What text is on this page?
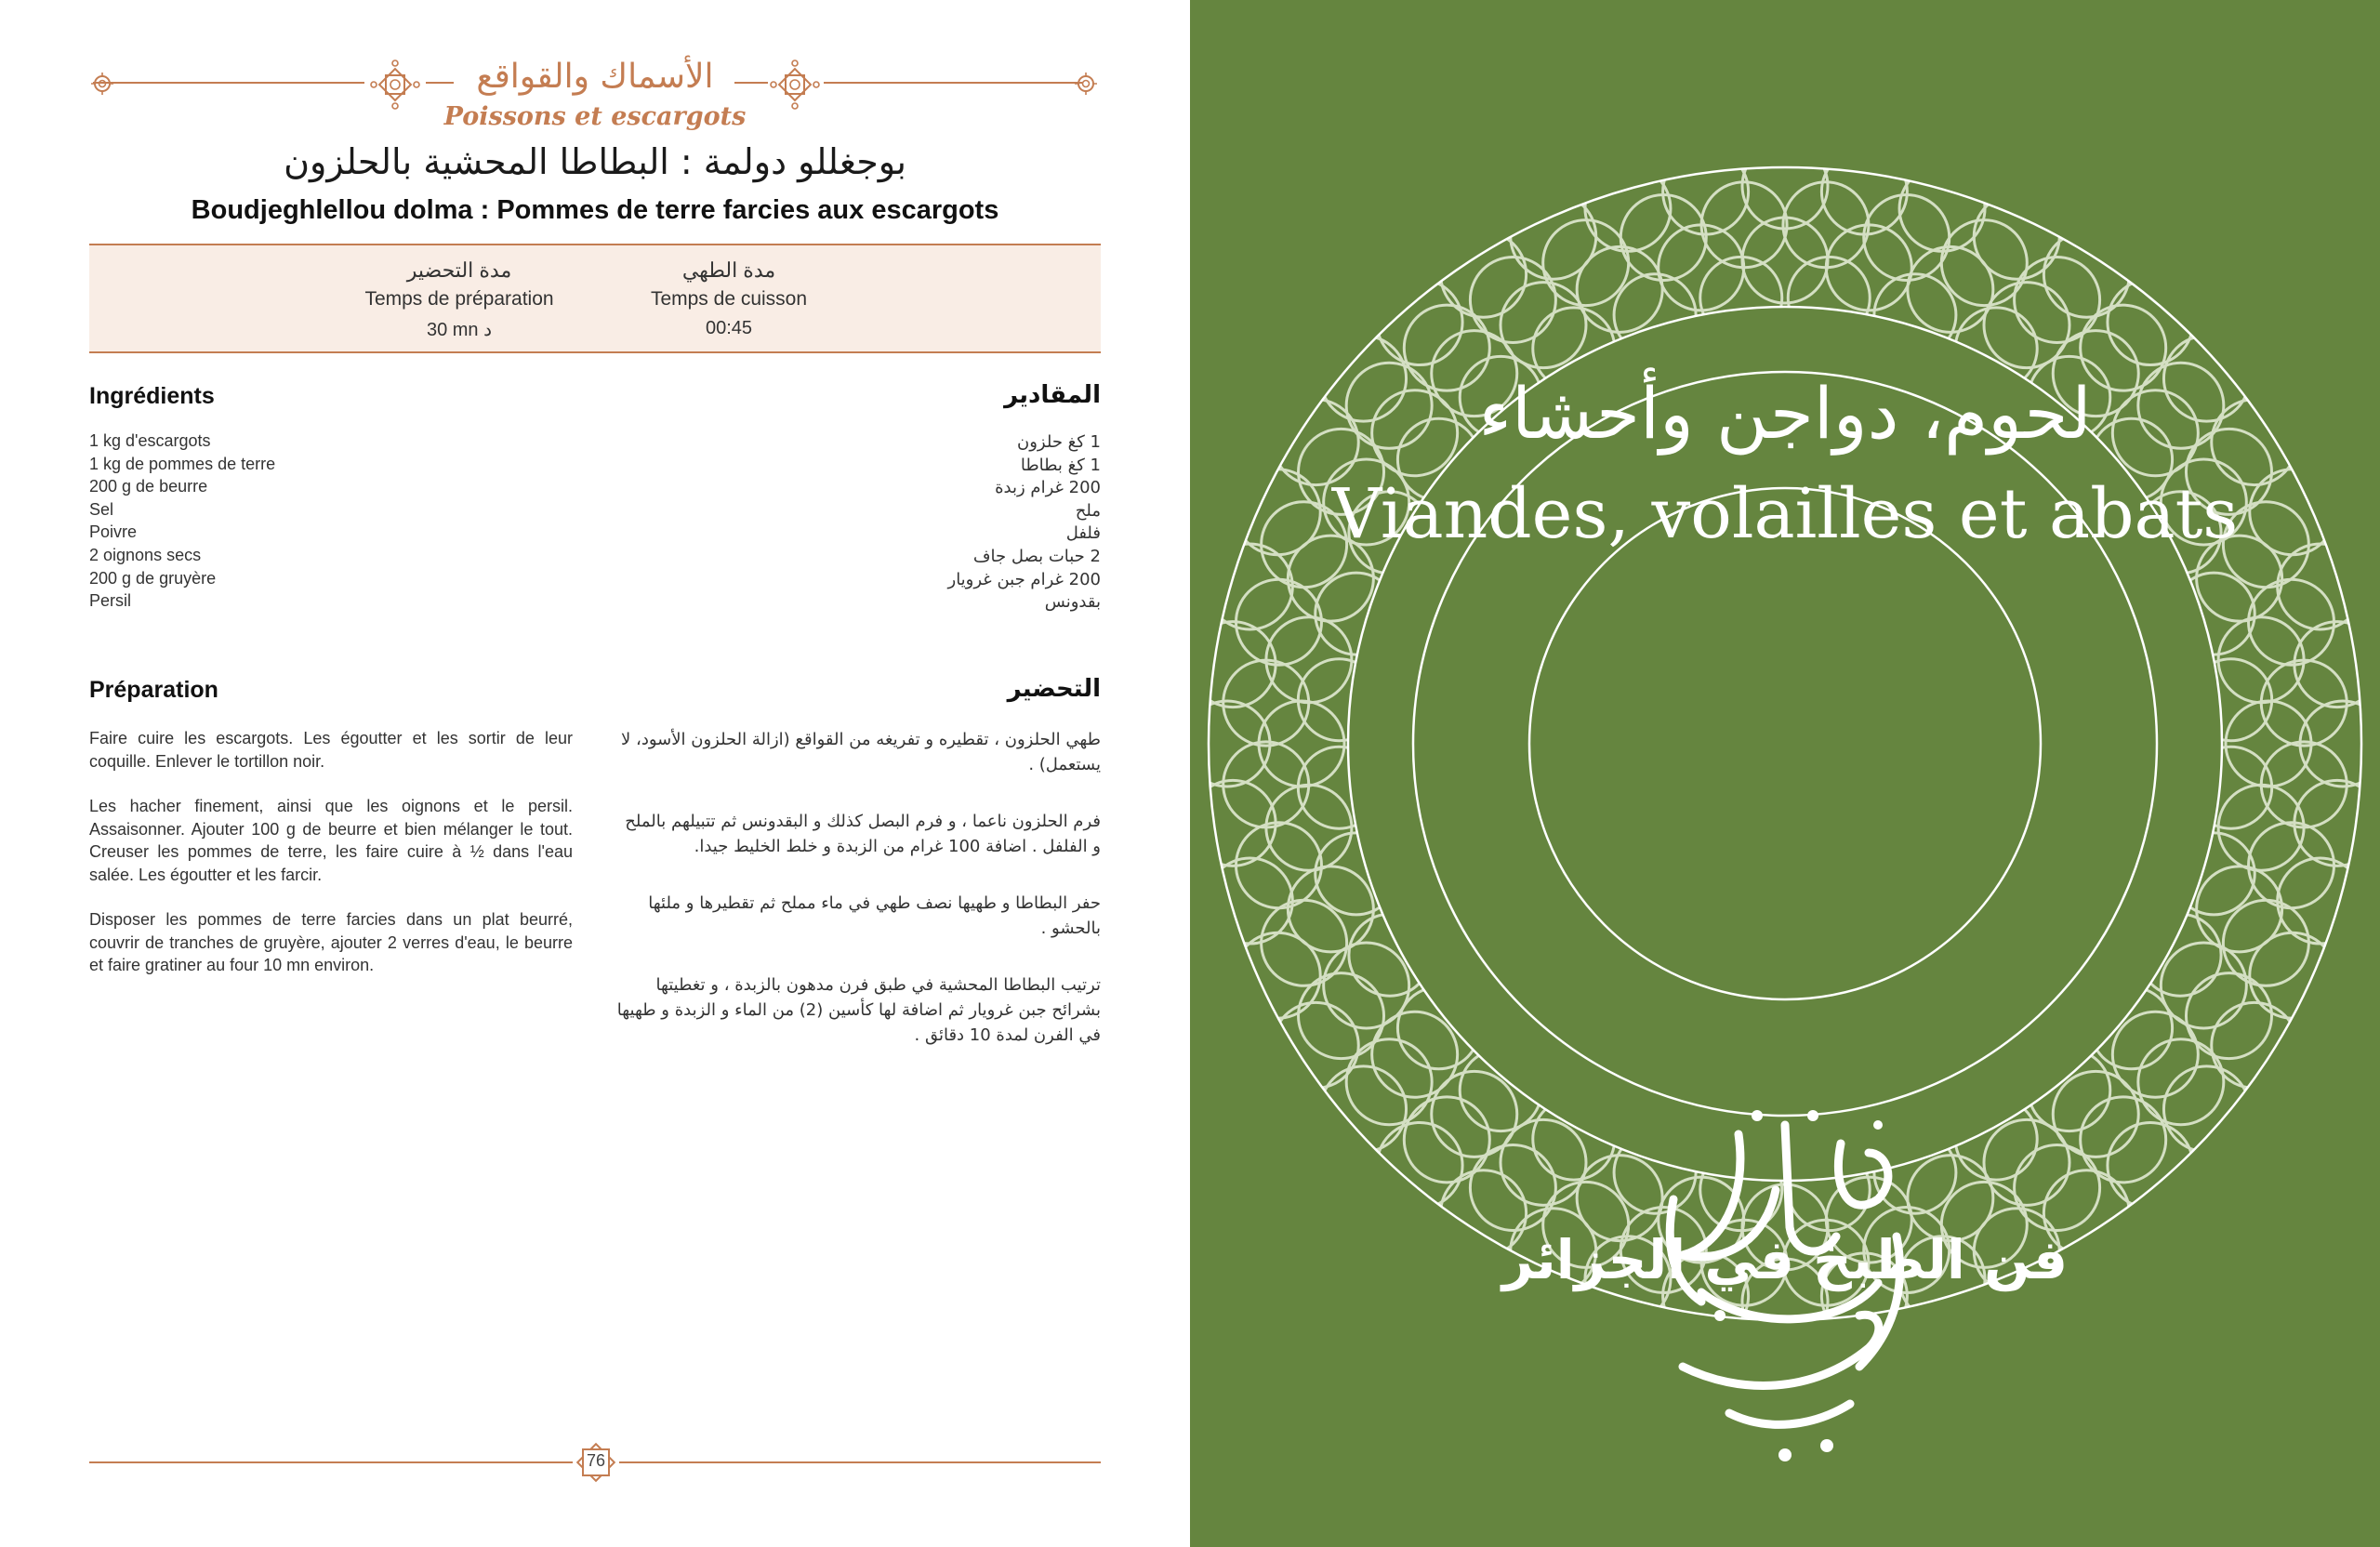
الأسماك والقواقع
Poissons et escargots
بوجغللو دولمة : البطاطا المحشية بالحلزون
Boudjeghlellou dolma : Pommes de terre farcies aux escargots
مدة التحضير
Temps de préparation
30 mn د
مدة الطهي
Temps de cuisson
00:45
Ingrédients	المقادير
1 kg d'escargots
1 kg de pommes de terre
200 g de beurre
Sel
Poivre
2 oignons secs
200 g de gruyère
Persil
1 كغ حلزون
1 كغ بطاطا
200 غرام زبدة
ملح
فلفل
2 حبات بصل جاف
200 غرام جبن غرويار
بقدونس
Préparation	التحضير

Faire cuire les escargots. Les égoutter et les sortir de leur coquille. Enlever le tortillon noir.

Les hacher finement, ainsi que les oignons et le persil. Assaisonner. Ajouter 100 g de beurre et bien mélanger le tout. Creuser les pommes de terre, les faire cuire à ½ dans l'eau salée. Les égoutter et les farcir.

Disposer les pommes de terre farcies dans un plat beurré, couvrir de tranches de gruyère, ajouter 2 verres d'eau, le beurre et faire gratiner au four 10 mn environ.

طهي الحلزون ، تقطيره و تفريغه من القواقع (ازالة الحلزون الأسود، لا يستعمل) .

فرم الحلزون ناعما ، و فرم البصل كذلك و البقدونس ثم تتبيلهم بالملح و الفلفل . اضافة 100 غرام من الزبدة و خلط الخليط جيدا.

حفر البطاطا و طهيها نصف طهي في ماء مملح ثم تقطيرها و ملئها بالحشو .

ترتيب البطاطا المحشية في طبق فرن مدهون بالزبدة ، و تغطيتها بشرائح جبن غرويار ثم اضافة لها كأسين (2) من الماء و الزبدة و طهيها في الفرن لمدة 10 دقائق .

76
لحوم، دواجن وأحشاء
Viandes, volailles et abats
فن الطبخ في الجزائر
